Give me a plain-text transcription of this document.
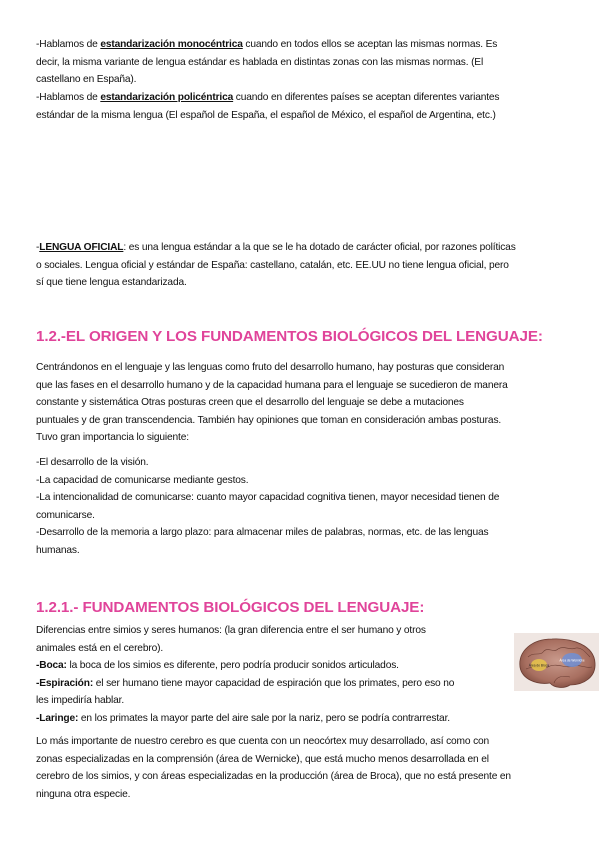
-Hablamos de estandarización monocéntrica cuando en todos ellos se aceptan las mismas normas. Es
decir, la misma variante de lengua estándar es hablada en distintas zonas con las mismas normas. (El
castellano en España).

-Hablamos de estandarización policéntrica cuando en diferentes países se aceptan diferentes variantes
estándar de la misma lengua (El español de España, el español de México, el español de Argentina, etc.)

-LENGUA OFICIAL: es una lengua estándar a la que se le ha dotado de carácter oficial, por razones políticas
o sociales. Lengua oficial y estándar de España: castellano, catalán, etc. EE.UU no tiene lengua oficial, pero
sí que tiene lengua estandarizada.

1.2.-EL ORIGEN Y LOS FUNDAMENTOS BIOLÓGICOS DEL LENGUAJE:

Centrándonos en el lenguaje y las lenguas como fruto del desarrollo humano, hay posturas que consideran
que las fases en el desarrollo humano y de la capacidad humana para el lenguaje se sucedieron de manera
constante y sistemática Otras posturas creen que el desarrollo del lenguaje se debe a mutaciones
puntuales y de gran transcendencia. También hay opiniones que toman en consideración ambas posturas.
Tuvo gran importancia lo siguiente:

-El desarrollo de la visión.
-La capacidad de comunicarse mediante gestos.
-La intencionalidad de comunicarse: cuanto mayor capacidad cognitiva tienen, mayor necesidad tienen de
comunicarse.
-Desarrollo de la memoria a largo plazo: para almacenar miles de palabras, normas, etc. de las lenguas
humanas.

1.2.1.- FUNDAMENTOS BIOLÓGICOS DEL LENGUAJE:

Diferencias entre simios y seres humanos: (la gran diferencia entre el ser humano y otros
animales está en el cerebro).
-Boca: la boca de los simios es diferente, pero podría producir sonidos articulados.
-Espiración: el ser humano tiene mayor capacidad de espiración que los primates, pero eso no
les impediría hablar.
-Laringe: en los primates la mayor parte del aire sale por la nariz, pero se podría contrarrestar.

Área de Broca
Área de Wernicke

Lo más importante de nuestro cerebro es que cuenta con un neocórtex muy desarrollado, así como con
zonas especializadas en la comprensión (área de Wernicke), que está mucho menos desarrollada en el
cerebro de los simios, y con áreas especializadas en la producción (área de Broca), que no está presente en
ninguna otra especie.
